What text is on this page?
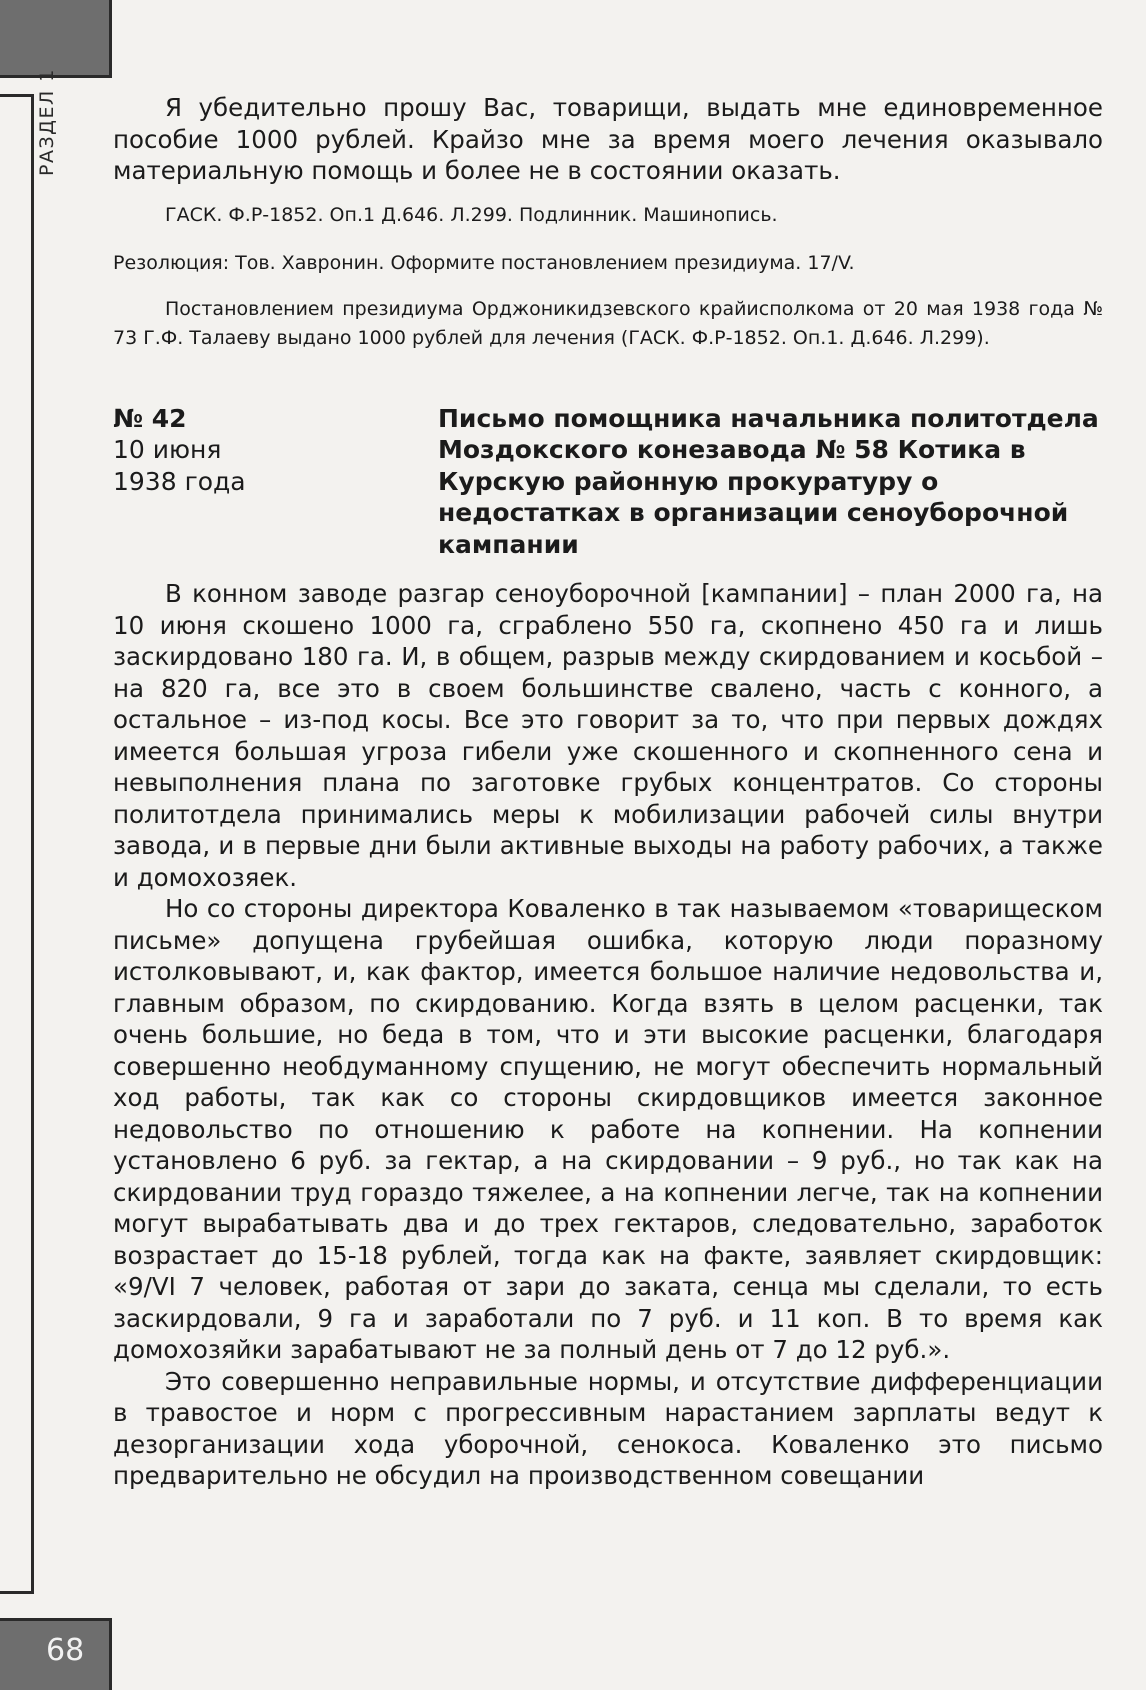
РАЗДЕЛ 1
68

Я убедительно прошу Вас, товарищи, выдать мне единовременное пособие 1000 рублей. Крайзо мне за время моего лечения оказывало материальную помощь и более не в состоянии оказать.

ГАСК. Ф.Р-1852. Оп.1 Д.646. Л.299. Подлинник. Машинопись.

Резолюция: Тов. Хавронин. Оформите постановлением президиума. 17/V.

Постановлением президиума Орджоникидзевского крайисполкома от 20 мая 1938 года № 73 Г.Ф. Талаеву выдано 1000 рублей для лечения (ГАСК. Ф.Р-1852. Оп.1. Д.646. Л.299).

№ 42
10 июня
1938 года
Письмо помощника начальника политотдела Моздокского конезавода № 58 Котика в Курскую районную прокуратуру о недостатках в организации сеноуборочной кампании

В конном заводе разгар сеноуборочной [кампании] – план 2000 га, на 10 июня скошено 1000 га, сграблено 550 га, скопнено 450 га и лишь заскирдовано 180 га. И, в общем, разрыв между скирдованием и косьбой – на 820 га, все это в своем большинстве свалено, часть с конного, а остальное – из-под косы. Все это говорит за то, что при первых дождях имеется большая угроза гибели уже скошенного и скопненного сена и невыполнения плана по заготовке грубых концентратов. Со стороны политотдела принимались меры к мобилизации рабочей силы внутри завода, и в первые дни были активные выходы на работу рабочих, а также и домохозяек.

Но со стороны директора Коваленко в так называемом «товарищеском письме» допущена грубейшая ошибка, которую люди поразному истолковывают, и, как фактор, имеется большое наличие недовольства и, главным образом, по скирдованию. Когда взять в целом расценки, так очень большие, но беда в том, что и эти высокие расценки, благодаря совершенно необдуманному спущению, не могут обеспечить нормальный ход работы, так как со стороны скирдовщиков имеется законное недовольство по отношению к работе на копнении. На копнении установлено 6 руб. за гектар, а на скирдовании – 9 руб., но так как на скирдовании труд гораздо тяжелее, а на копнении легче, так на копнении могут вырабатывать два и до трех гектаров, следовательно, заработок возрастает до 15-18 рублей, тогда как на факте, заявляет скирдовщик: «9/VI 7 человек, работая от зари до заката, сенца мы сделали, то есть заскирдовали, 9 га и заработали по 7 руб. и 11 коп. В то время как домохозяйки зарабатывают не за полный день от 7 до 12 руб.».

Это совершенно неправильные нормы, и отсутствие дифференциации в травостое и норм с прогрессивным нарастанием зарплаты ведут к дезорганизации хода уборочной, сенокоса. Коваленко это письмо предварительно не обсудил на производственном совещании
